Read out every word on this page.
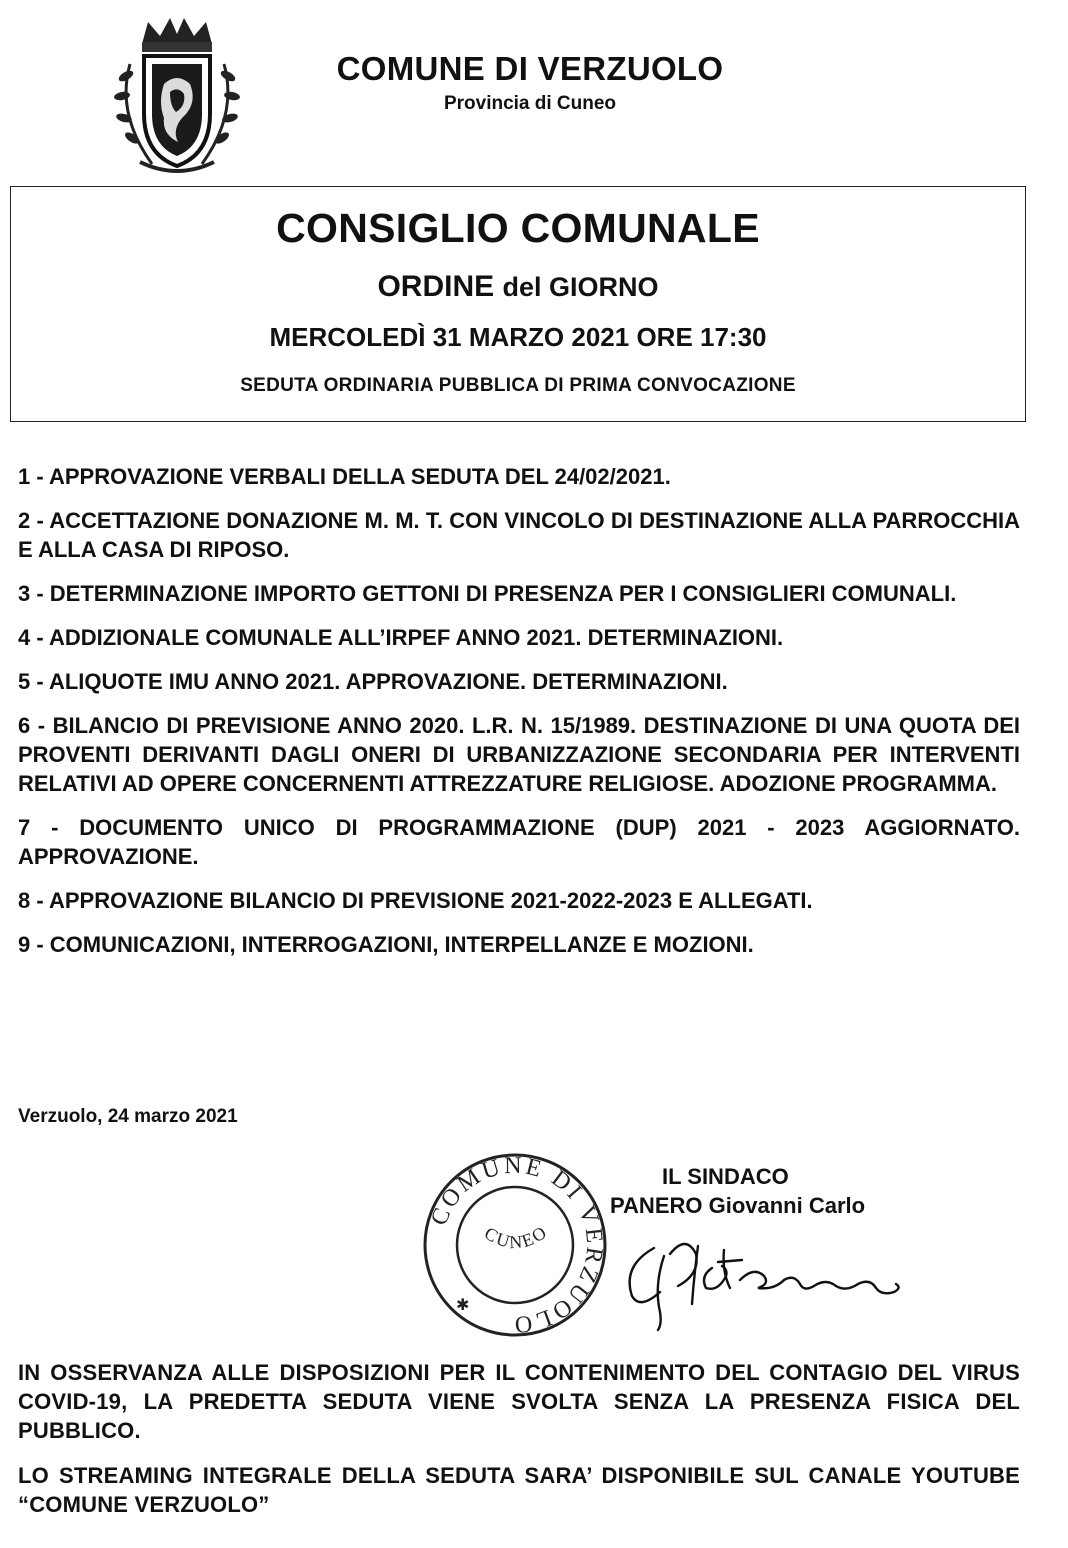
COMUNE DI VERZUOLO
Provincia di Cuneo
CONSIGLIO COMUNALE
ORDINE del GIORNO
MERCOLEDÌ 31 MARZO 2021 ORE 17:30
SEDUTA ORDINARIA PUBBLICA DI PRIMA CONVOCAZIONE
1 - APPROVAZIONE VERBALI DELLA SEDUTA DEL 24/02/2021.
2 - ACCETTAZIONE DONAZIONE M. M. T. CON VINCOLO DI DESTINAZIONE ALLA PARROCCHIA E ALLA CASA DI RIPOSO.
3 - DETERMINAZIONE IMPORTO GETTONI DI PRESENZA PER I CONSIGLIERI COMUNALI.
4 - ADDIZIONALE COMUNALE ALL’IRPEF ANNO 2021. DETERMINAZIONI.
5 - ALIQUOTE IMU ANNO 2021. APPROVAZIONE. DETERMINAZIONI.
6 - BILANCIO DI PREVISIONE ANNO 2020. L.R. N. 15/1989. DESTINAZIONE DI UNA QUOTA DEI PROVENTI DERIVANTI DAGLI ONERI DI URBANIZZAZIONE SECONDARIA PER INTERVENTI RELATIVI AD OPERE CONCERNENTI ATTREZZATURE RELIGIOSE. ADOZIONE PROGRAMMA.
7 - DOCUMENTO UNICO DI PROGRAMMAZIONE (DUP) 2021 - 2023 AGGIORNATO. APPROVAZIONE.
8 - APPROVAZIONE BILANCIO DI PREVISIONE 2021-2022-2023 E ALLEGATI.
9 - COMUNICAZIONI, INTERROGAZIONI, INTERPELLANZE E MOZIONI.
Verzuolo, 24 marzo 2021
COMUNE DI VERZUOLO
CUNEO
✱
IL SINDACO
PANERO Giovanni Carlo

IN OSSERVANZA ALLE DISPOSIZIONI PER IL CONTENIMENTO DEL CONTAGIO DEL VIRUS COVID-19, LA PREDETTA SEDUTA VIENE SVOLTA SENZA LA PRESENZA FISICA DEL PUBBLICO.

LO STREAMING INTEGRALE DELLA SEDUTA SARA’ DISPONIBILE SUL CANALE YOUTUBE “COMUNE VERZUOLO”
